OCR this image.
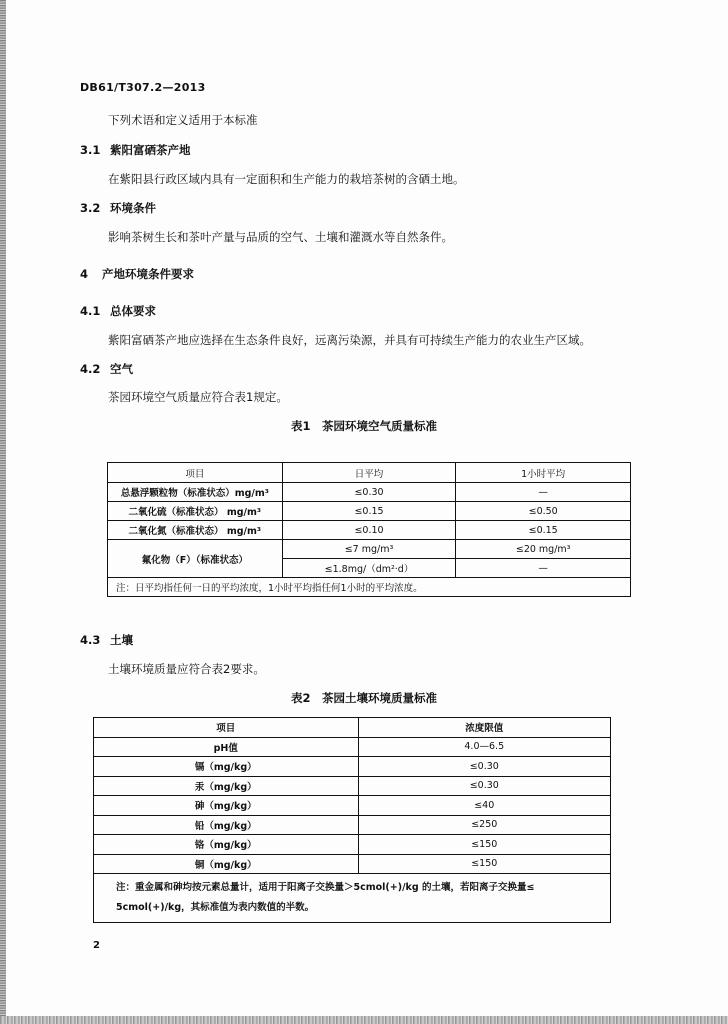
DB61/T307.2—2013
下列术语和定义适用于本标准
3.1 紫阳富硒茶产地
在紫阳县行政区域内具有一定面积和生产能力的栽培茶树的含硒土地。
3.2 环境条件
影响茶树生长和茶叶产量与品质的空气、土壤和灌溉水等自然条件。
4 产地环境条件要求
4.1 总体要求
紫阳富硒茶产地应选择在生态条件良好，远离污染源，并具有可持续生产能力的农业生产区域。
4.2 空气
茶园环境空气质量应符合表1规定。
表1　茶园环境空气质量标准
项目	日平均	1小时平均
总悬浮颗粒物（标准状态）mg/m³	≤0.30	—
二氧化硫（标准状态） mg/m³	≤0.15	≤0.50
二氧化氮（标准状态） mg/m³	≤0.10	≤0.15
氟化物（F）（标准状态）	≤7 mg/m³	≤20 mg/m³
	≤1.8mg/（dm²·d）	—
注：日平均指任何一日的平均浓度，1小时平均指任何1小时的平均浓度。		
4.3 土壤
土壤环境质量应符合表2要求。
表2　茶园土壤环境质量标准
项目	浓度限值
pH值	4.0—6.5
镉（mg/kg）	≤0.30
汞（mg/kg）	≤0.30
砷（mg/kg）	≤40
铅（mg/kg）	≤250
铬（mg/kg）	≤150
铜（mg/kg）	≤150

注：重金属和砷均按元素总量计，适用于阳离子交换量＞5cmol(+)/kg 的土壤，若阳离子交换量≤
5cmol(+)/kg，其标准值为表内数值的半数。	
2
